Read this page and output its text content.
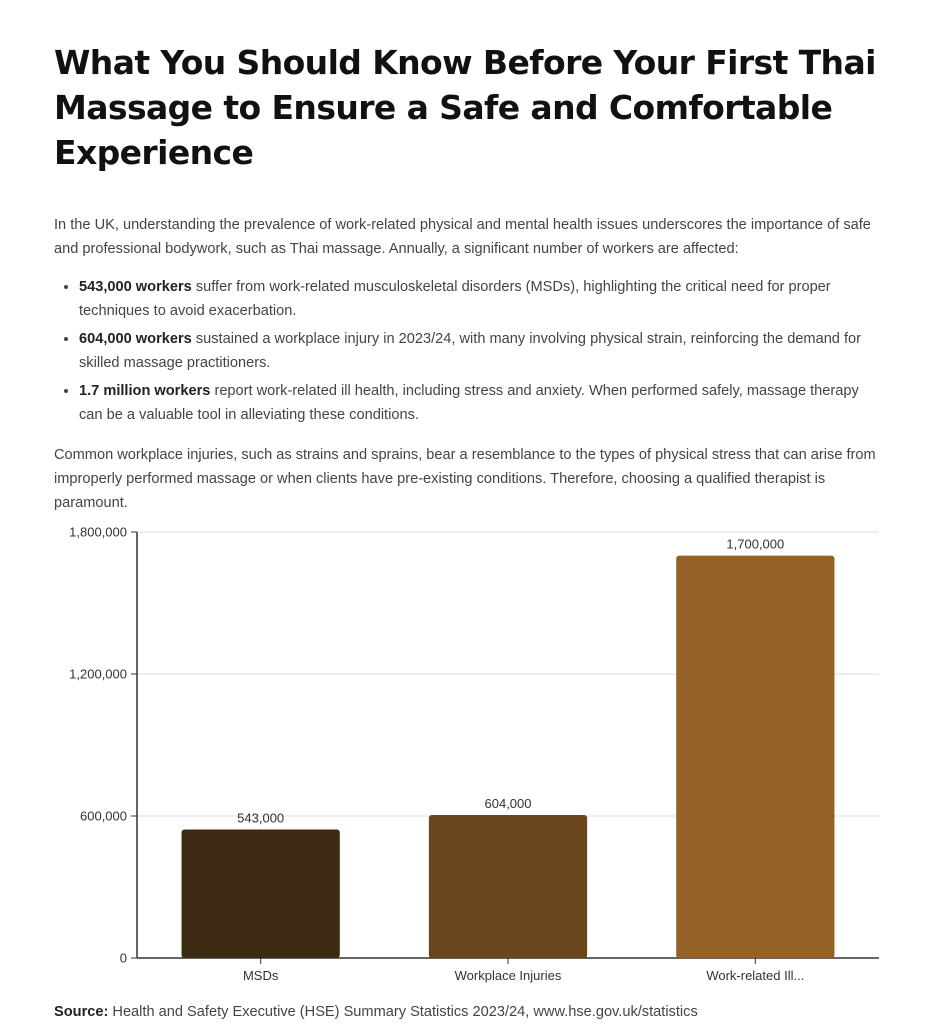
What You Should Know Before Your First Thai Massage to Ensure a Safe and Comfortable Experience

In the UK, understanding the prevalence of work-related physical and mental health issues underscores the importance of safe and professional bodywork, such as Thai massage. Annually, a significant number of workers are affected:

• 543,000 workers suffer from work-related musculoskeletal disorders (MSDs), highlighting the critical need for proper techniques to avoid exacerbation.
• 604,000 workers sustained a workplace injury in 2023/24, with many involving physical strain, reinforcing the demand for skilled massage practitioners.
• 1.7 million workers report work-related ill health, including stress and anxiety. When performed safely, massage therapy can be a valuable tool in alleviating these conditions.

Common workplace injuries, such as strains and sprains, bear a resemblance to the types of physical stress that can arise from improperly performed massage or when clients have pre-existing conditions. Therefore, choosing a qualified therapist is paramount.

0
600,000
1,200,000
1,800,000
543,000
MSDs
604,000
Workplace Injuries
1,700,000
Work-related Ill...
Source: Health and Safety Executive (HSE) Summary Statistics 2023/24, www.hse.gov.uk/statistics
